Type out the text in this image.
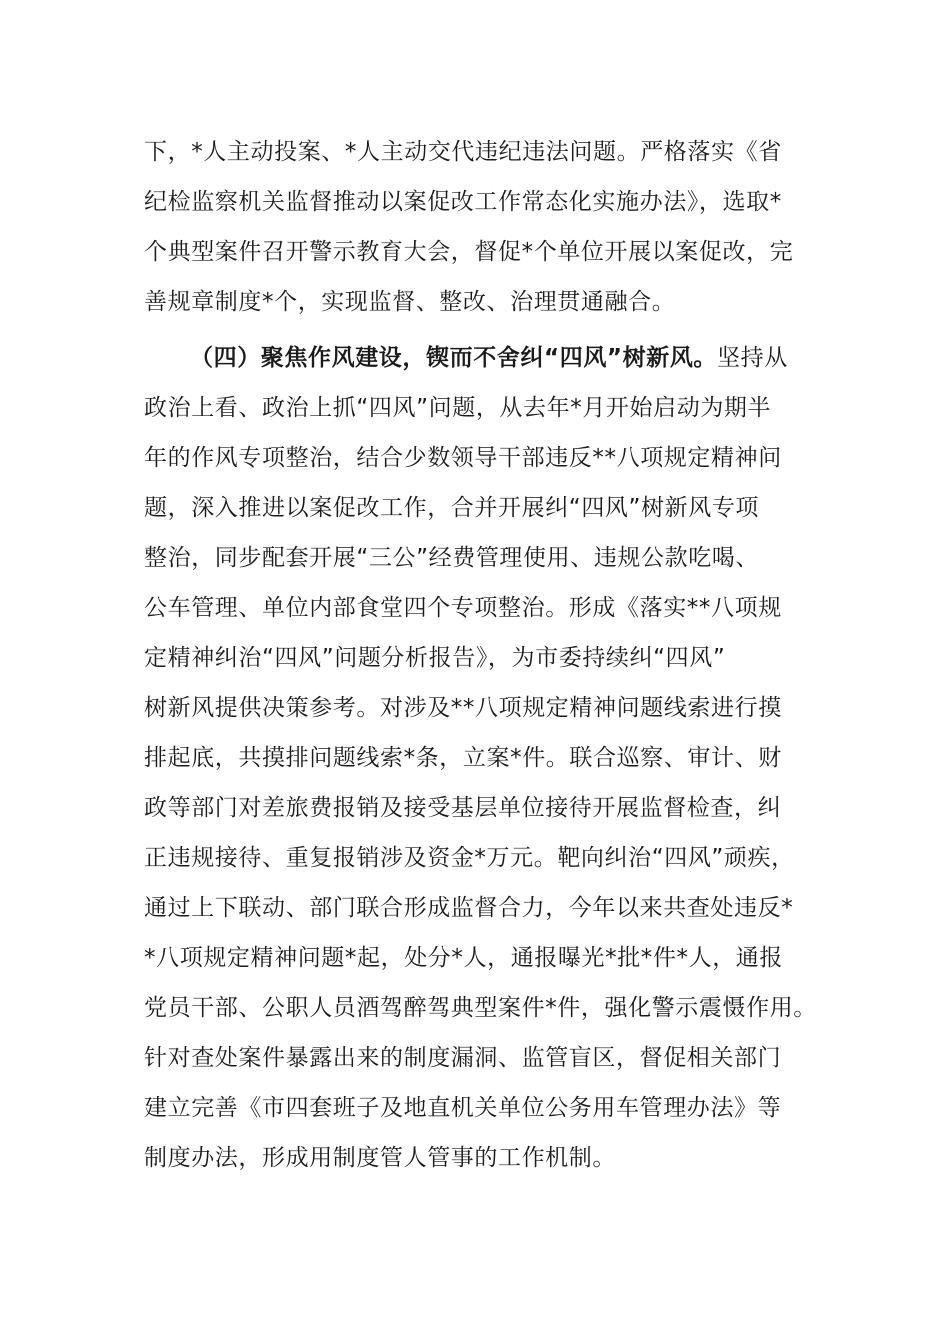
下，*人主动投案、*人主动交代违纪违法问题。严格落实《省
纪检监察机关监督推动以案促改工作常态化实施办法》，选取*
个典型案件召开警示教育大会，督促*个单位开展以案促改，完
善规章制度*个，实现监督、整改、治理贯通融合。
（四）聚焦作风建设，锲而不舍纠“四风”树新风。坚持从
政治上看、政治上抓“四风”问题，从去年*月开始启动为期半
年的作风专项整治，结合少数领导干部违反**八项规定精神问
题，深入推进以案促改工作，合并开展纠“四风”树新风专项
整治，同步配套开展“三公”经费管理使用、违规公款吃喝、
公车管理、单位内部食堂四个专项整治。形成《落实**八项规
定精神纠治“四风”问题分析报告》，为市委持续纠“四风”
树新风提供决策参考。对涉及**八项规定精神问题线索进行摸
排起底，共摸排问题线索*条，立案*件。联合巡察、审计、财
政等部门对差旅费报销及接受基层单位接待开展监督检查，纠
正违规接待、重复报销涉及资金*万元。靶向纠治“四风”顽疾，
通过上下联动、部门联合形成监督合力，今年以来共查处违反*
*八项规定精神问题*起，处分*人，通报曝光*批*件*人，通报
党员干部、公职人员酒驾醉驾典型案件*件，强化警示震慑作用。
针对查处案件暴露出来的制度漏洞、监管盲区，督促相关部门
建立完善《市四套班子及地直机关单位公务用车管理办法》等
制度办法，形成用制度管人管事的工作机制。
